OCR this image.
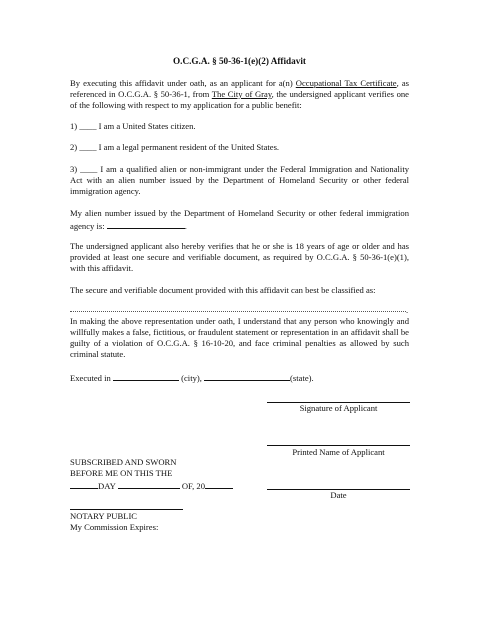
O.C.G.A. § 50-36-1(e)(2) Affidavit
By executing this affidavit under oath, as an applicant for a(n) Occupational Tax Certificate, as referenced in O.C.G.A. § 50-36-1, from The City of Gray, the undersigned applicant verifies one of the following with respect to my application for a public benefit:
1) ____ I am a United States citizen.
2) ____ I am a legal permanent resident of the United States.
3) ____ I am a qualified alien or non-immigrant under the Federal Immigration and Nationality Act with an alien number issued by the Department of Homeland Security or other federal immigration agency.
My alien number issued by the Department of Homeland Security or other federal immigration agency is:	.
The undersigned applicant also hereby verifies that he or she is 18 years of age or older and has provided at least one secure and verifiable document, as required by O.C.G.A. § 50-36-1(e)(1), with this affidavit.
The secure and verifiable document provided with this affidavit can best be classified as:
.
In making the above representation under oath, I understand that any person who knowingly and willfully makes a false, fictitious, or fraudulent statement or representation in an affidavit shall be guilty of a violation of O.C.G.A. § 16-10-20, and face criminal penalties as allowed by such criminal statute.
Executed in	(city),	(state).
Signature of Applicant
Printed Name of Applicant
Date
SUBSCRIBED AND SWORN
BEFORE ME ON THIS THE
DAY	OF, 20
NOTARY PUBLIC
My Commission Expires:
